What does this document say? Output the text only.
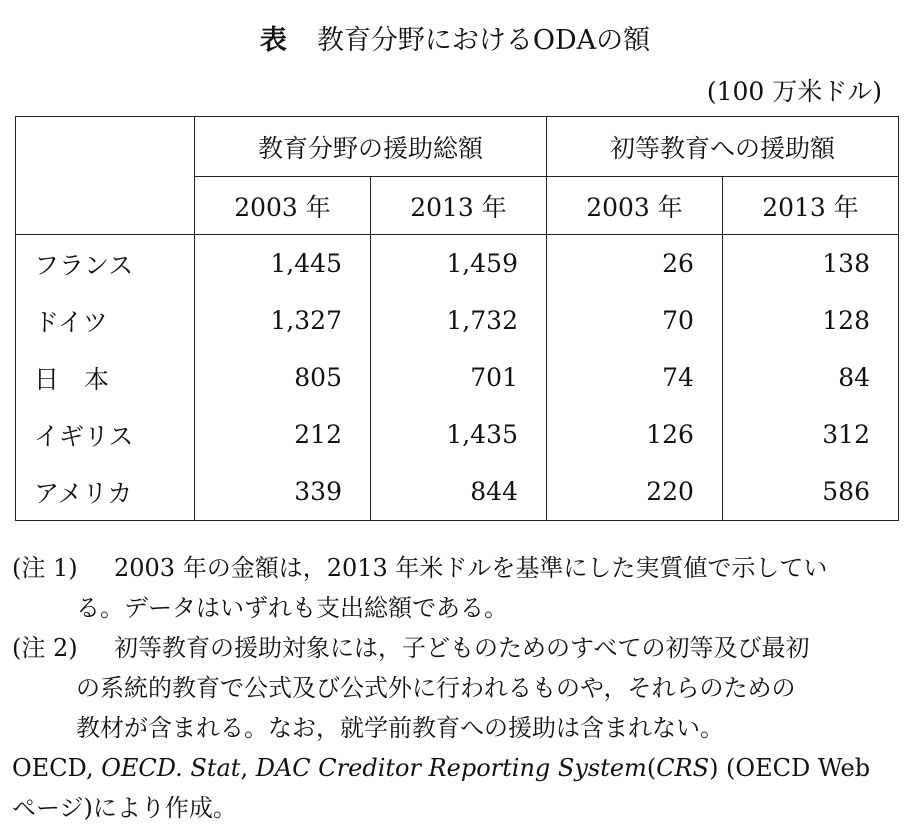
表 教育分野におけるODAの額
(100 万米ドル)
	教育分野の援助総額		初等教育への援助額	
	2003 年	2013 年	2003 年	2013 年
フランス	1,445	1,459	26	138
ドイツ	1,327	1,732	70	128
日　本	805	701	74	84
イギリス	212	1,435	126	312
アメリカ	339	844	220	586
(注 1)	2003 年の金額は，2013 年米ドルを基準にした実質値で示してい
る。データはいずれも支出総額である。
(注 2)	初等教育の援助対象には，子どものためのすべての初等及び最初
の系統的教育で公式及び公式外に行われるものや，それらのための
教材が含まれる。なお，就学前教育への援助は含まれない。
OECD, OECD. Stat, DAC Creditor Reporting System(CRS) (OECD Web
ページ)により作成。
